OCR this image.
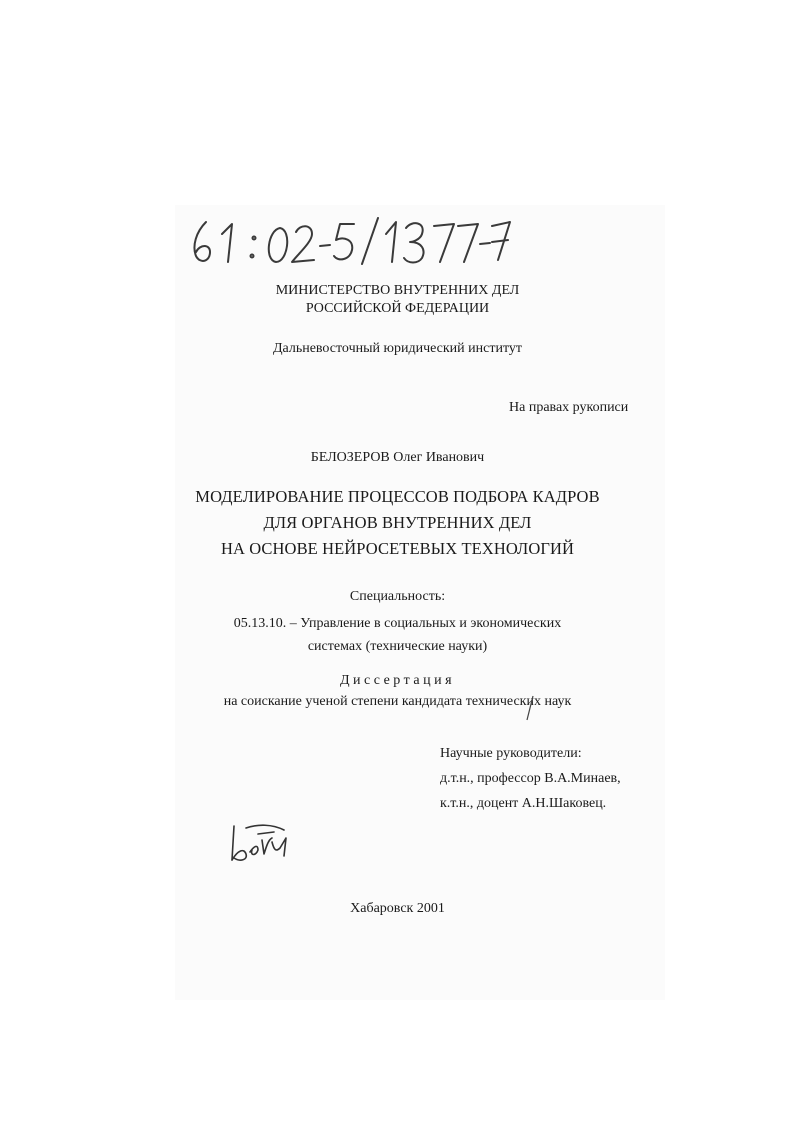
МИНИСТЕРСТВО ВНУТРЕННИХ ДЕЛ
РОССИЙСКОЙ ФЕДЕРАЦИИ
Дальневосточный юридический институт
На правах рукописи
БЕЛОЗЕРОВ Олег Иванович
МОДЕЛИРОВАНИЕ ПРОЦЕССОВ ПОДБОРА КАДРОВ
ДЛЯ ОРГАНОВ ВНУТРЕННИХ ДЕЛ
НА ОСНОВЕ НЕЙРОСЕТЕВЫХ ТЕХНОЛОГИЙ
Специальность:
05.13.10. – Управление в социальных и экономических
системах (технические науки)
Диссертация
на соискание ученой степени кандидата технических наук
Научные руководители:
д.т.н., профессор В.А.Минаев,
к.т.н., доцент А.Н.Шаковец.
Хабаровск 2001
